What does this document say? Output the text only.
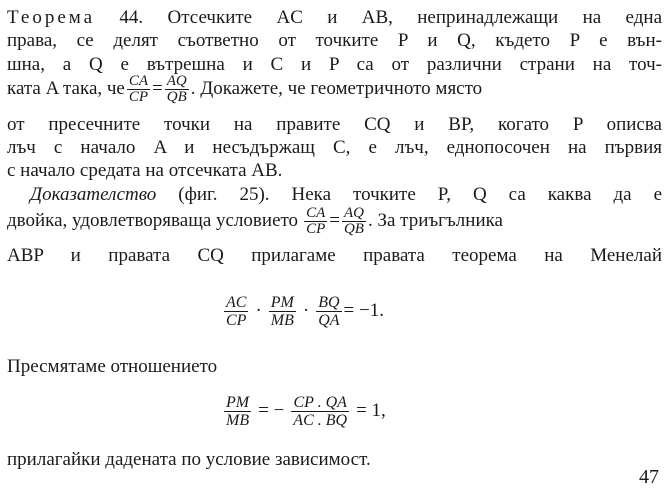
Теорема 44. Отсечките AC и AB, непринадлежащи на една
права, се делят съответно от точките P и Q, където P е вън-
шна, а Q е вътрешна и C и P са от различни страни на точ-
ката A така, че $\frac{CA}{CP} = \frac{AQ}{QB}$ . Докажете, че геометричното място
от пресечните точки на правите CQ и BP, когато P описва
лъч с начало A и несъдържащ C, е лъч, еднопосочен на първия
с начало средата на отсечката AB.
Доказателство (фиг. 25). Нека точките P, Q са каква да е
двойка, удовлетворяваща условието $\frac{CA}{CP} = \frac{AQ}{QB}$ . За триъгълника
ABP и правата CQ прилагаме правата теорема на Менелай
$\frac{AC}{CP} \cdot \frac{PM}{MB} \cdot \frac{BQ}{QA} = -1$.
Пресмятаме отношението
$\frac{PM}{MB}$ = − $\frac{CP . QA}{AC . BQ} = 1$,
прилагайки дадената по условие зависимост.
47
